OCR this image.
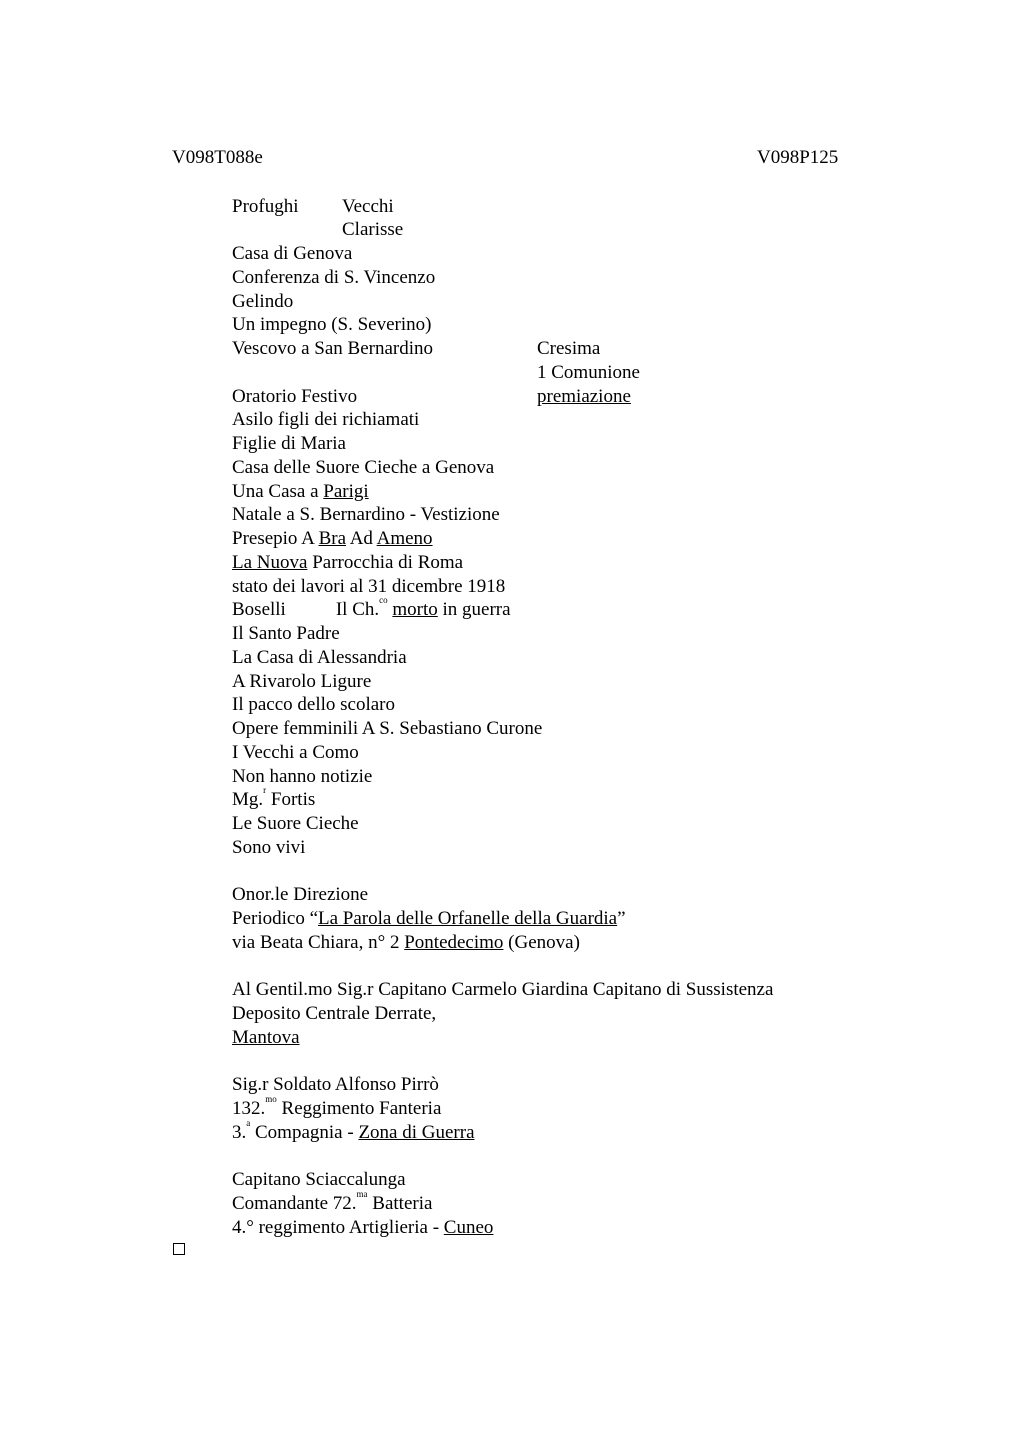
V098T088e	V098P125
Profughi Vecchi
Clarisse
Casa di Genova
Conferenza di S. Vincenzo
Gelindo
Un impegno (S. Severino)
Vescovo a San Bernardino	Cresima
1 Comunione
Oratorio Festivo	premiazione
Asilo figli dei richiamati
Figlie di Maria
Casa delle Suore Cieche a Genova
Una Casa a Parigi
Natale a S. Bernardino - Vestizione
Presepio A Bra Ad Ameno
La Nuova Parrocchia di Roma
stato dei lavori al 31 dicembre 1918
Boselli	Il Ch.$^{co}$ morto in guerra
Il Santo Padre
La Casa di Alessandria
A Rivarolo Ligure
Il pacco dello scolaro
Opere femminili A S. Sebastiano Curone
I Vecchi a Como
Non hanno notizie
Mg.$^r$ Fortis
Le Suore Cieche
Sono vivi
Onor.le Direzione
Periodico “La Parola delle Orfanelle della Guardia”
via Beata Chiara, n° 2 Pontedecimo (Genova)
Al Gentil.mo Sig.r Capitano Carmelo Giardina Capitano di Sussistenza
Deposito Centrale Derrate,
Mantova
Sig.r Soldato Alfonso Pirrò
132.$^{mo}$ Reggimento Fanteria
3.$^a$ Compagnia - Zona di Guerra
Capitano Sciaccalunga
Comandante 72.$^{ma}$ Batteria
4.° reggimento Artiglieria - Cuneo
